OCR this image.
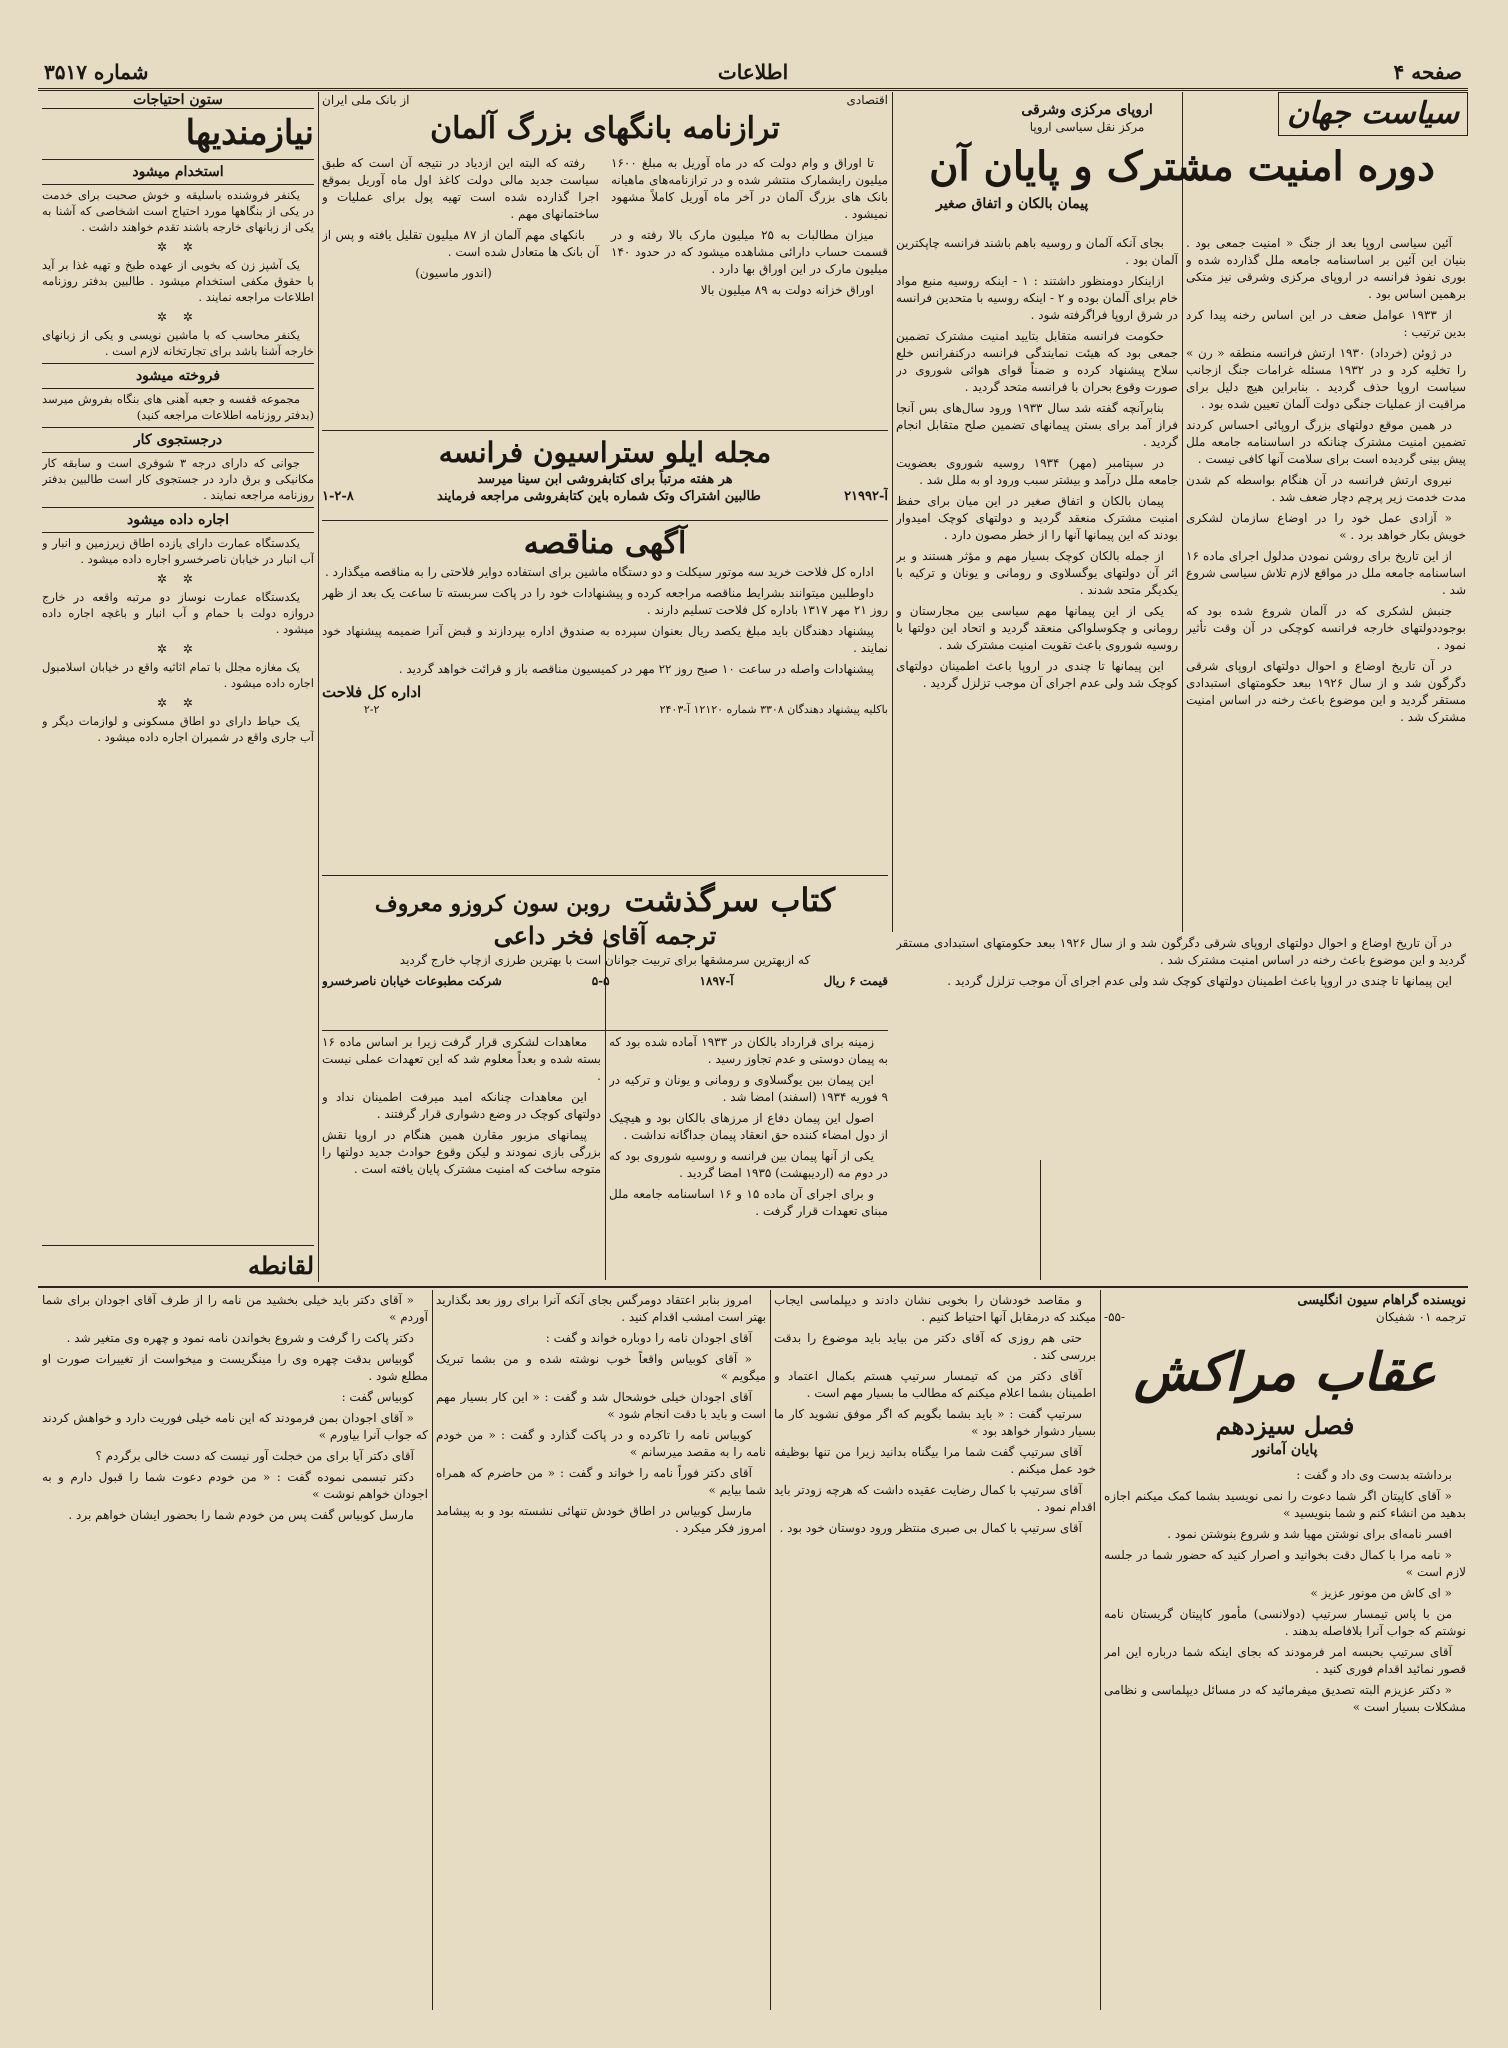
صفحه ۴
اطلاعات
شماره ۳۵۱۷
سیاست جهان
اروپای مرکزی وشرقی
مرکز نقل سیاسی اروپا
دوره امنیت مشترک و پایان آن
پیمان بالکان و اتفاق صغیر

آئین سیاسی اروپا بعد از جنگ « امنیت جمعی بود . بنیان این آئین بر اساسنامه جامعه ملل گذارده شده و بوری نفوذ فرانسه در اروپای مرکزی وشرقی نیز متکی برهمین اساس بود .

از ۱۹۳۳ عوامل ضعف در این اساس رخنه پیدا کرد بدین ترتیب :

در ژوئن (خرداد) ۱۹۳۰ ارتش فرانسه منطقه « رن » را تخلیه کرد و در ۱۹۳۲ مسئله غرامات جنگ ازجانب سیاست اروپا حذف گردید . بنابراین هیچ دلیل برای مراقبت از عملیات جنگی دولت آلمان تعیین شده بود .

در همین موقع دولتهای بزرگ اروپائی احساس کردند تضمین امنیت مشترک چنانکه در اساسنامه جامعه ملل پیش بینی گردیده است برای سلامت آنها کافی نیست .

نیروی ارتش فرانسه در آن هنگام بواسطه کم شدن مدت خدمت زیر پرچم دچار ضعف شد .

« آزادی عمل خود را در اوضاع سازمان لشکری خویش بکار خواهد برد . »

از این تاریخ برای روشن نمودن مدلول اجرای ماده ۱۶ اساسنامه جامعه ملل در مواقع لازم تلاش سیاسی شروع شد .

جنبش لشکری که در آلمان شروع شده بود که بوجوددولتهای خارجه فرانسه کوچکی در آن وقت تأثیر نمود .

در آن تاریخ اوضاع و احوال دولتهای اروپای شرقی دگرگون شد و از سال ۱۹۲۶ ببعد حکومتهای استبدادی مستقر گردید و این موضوع باعث رخنه در اساس امنیت مشترک شد .

بجای آنکه آلمان و روسیه باهم باشند فرانسه چاپکترین آلمان بود .

ازاینکار دومنظور داشتند : ۱ - اینکه روسیه منبع مواد خام برای آلمان بوده و ۲ - اینکه روسیه با متحدین فرانسه در شرق اروپا فراگرفته شود .

حکومت فرانسه متقابل بتایید امنیت مشترک تضمین جمعی بود که هیئت نمایندگی فرانسه درکنفرانس خلع سلاح پیشنهاد کرده و ضمناً قوای هوائی شوروی در صورت وقوع بحران با فرانسه متحد گردید .

بنابرآنچه گفته شد سال ۱۹۳۳ ورود سال‌های بس آنجا فراز آمد برای بستن پیمانهای تضمین صلح متقابل انجام گردید .

در سپتامبر (مهر) ۱۹۳۴ روسیه شوروی بعضویت جامعه ملل درآمد و بیشتر سبب ورود او به ملل شد .

پیمان بالکان و اتفاق صغیر در این میان برای حفظ امنیت مشترک منعقد گردید و دولتهای کوچک امیدوار بودند که این پیمانها آنها را از خطر مصون دارد .

از جمله بالکان کوچک بسیار مهم و مؤثر هستند و بر اثر آن دولتهای یوگسلاوی و رومانی و یونان و ترکیه با یکدیگر متحد شدند .

یکی از این پیمانها مهم سیاسی بین مجارستان و رومانی و چکوسلواکی منعقد گردید و اتحاد این دولتها با روسیه شوروی باعث تقویت امنیت مشترک شد .

این پیمانها تا چندی در اروپا باعث اطمینان دولتهای کوچک شد ولی عدم اجرای آن موجب تزلزل گردید .

اقتصادی
از بانک ملی ایران
ترازنامه بانگهای بزرگ آلمان

تا اوراق و وام دولت که در ماه آوریل به مبلغ ۱۶۰۰ میلیون رایشمارک منتشر شده و در ترازنامه‌های ماهیانه بانک های بزرگ آلمان در آخر ماه آوریل کاملاً مشهود نمیشود .

میزان مطالبات به ۲۵ میلیون مارک بالا رفته و در قسمت حساب دارائی مشاهده میشود که در حدود ۱۴۰ میلیون مارک در این اوراق بها دارد .

اوراق خزانه دولت به ۸۹ میلیون بالا

رفته که البته این ازدیاد در نتیجه آن است که طبق سیاست جدید مالی دولت کاغذ اول ماه آوریل بموقع اجرا گذارده شده است تهیه پول برای عملیات و ساختمانهای مهم .

بانکهای مهم آلمان از ۸۷ میلیون تقلیل یافته و پس از آن بانک ها متعادل شده است .

(اندور ماسیون)

مجله ایلو ستراسیون فرانسه
هر هفته مرتباً برای کتابفروشی ابن سینا میرسد
آ-۲۱۹۹۲
طالبین اشتراک وتک شماره باین کتابفروشی مراجعه فرمایند
۱-۲-۸
آگهی مناقصه

اداره کل فلاحت خرید سه موتور سیکلت و دو دستگاه ماشین برای استفاده دوایر فلاحتی را به مناقصه میگذارد .

داوطلبین میتوانند بشرایط مناقصه مراجعه کرده و پیشنهادات خود را در پاکت سربسته تا ساعت یک بعد از ظهر روز ۲۱ مهر ۱۳۱۷ باداره کل فلاحت تسلیم دارند .

پیشنهاد دهندگان باید مبلغ یکصد ریال بعنوان سپرده به صندوق اداره بپردازند و قبض آنرا ضمیمه پیشنهاد خود نمایند .

پیشنهادات واصله در ساعت ۱۰ صبح روز ۲۲ مهر در کمیسیون مناقصه باز و قرائت خواهد گردید .

باکلیه پیشنهاد دهندگان ۳۳۰۸ شماره ۱۲۱۲۰ آ-۲۴۰۳
اداره کل فلاحت
۲-۲
کتاب سرگذشت
روبن سون کروزو معروف
ترجمه آقای فخر داعی
که ازبهترین سرمشقها برای تربیت جوانان است با بهترین طرزی ازچاپ خارج گردید
قیمت ۶ ریال
آ-۱۸۹۷
۵-۵
شرکت مطبوعات خیابان ناصرخسرو

در آن تاریخ اوضاع و احوال دولتهای اروپای شرقی دگرگون شد و از سال ۱۹۲۶ ببعد حکومتهای استبدادی مستقر گردید و این موضوع باعث رخنه در اساس امنیت مشترک شد .

این پیمانها تا چندی در اروپا باعث اطمینان دولتهای کوچک شد ولی عدم اجرای آن موجب تزلزل گردید .

زمینه برای قرارداد بالکان در ۱۹۳۳ آماده شده بود که به پیمان دوستی و عدم تجاوز رسید .

این پیمان بین یوگسلاوی و رومانی و یونان و ترکیه در ۹ فوریه ۱۹۳۴ (اسفند) امضا شد .

اصول این پیمان دفاع از مرزهای بالکان بود و هیچیک از دول امضاء کننده حق انعقاد پیمان جداگانه نداشت .

یکی از آنها پیمان بین فرانسه و روسیه شوروی بود که در دوم مه (اردیبهشت) ۱۹۳۵ امضا گردید .

و برای اجرای آن ماده ۱۵ و ۱۶ اساسنامه جامعه ملل مبنای تعهدات قرار گرفت .

معاهدات لشکری قرار گرفت زیرا بر اساس ماده ۱۶ بسته شده و بعداً معلوم شد که این تعهدات عملی نیست .

این معاهدات چنانکه امید میرفت اطمینان نداد و دولتهای کوچک در وضع دشواری قرار گرفتند .

پیمانهای مزبور مقارن همین هنگام در اروپا نقش بزرگی بازی نمودند و لیکن وقوع حوادث جدید دولتها را متوجه ساخت که امنیت مشترک پایان یافته است .

ستون احتیاجات
نیازمندیها
استخدام میشود

یکنفر فروشنده باسلیقه و خوش صحبت برای خدمت در یکی از بنگاهها مورد احتیاج است اشخاصی که آشنا به یکی از زبانهای خارجه باشند تقدم خواهند داشت .

✲ ✲

یک آشپز زن که بخوبی از عهده طبخ و تهیه غذا بر آید با حقوق مکفی استخدام میشود . طالبین بدفتر روزنامه اطلاعات مراجعه نمایند .

✲ ✲

یکنفر محاسب که با ماشین نویسی و یکی از زبانهای خارجه آشنا باشد برای تجارتخانه لازم است .

فروخته میشود

مجموعه قفسه و جعبه آهنی های بنگاه بفروش میرسد (بدفتر روزنامه اطلاعات مراجعه کنید)

درجستجوی کار

جوانی که دارای درجه ۳ شوفری است و سابقه کار مکانیکی و برق دارد در جستجوی کار است طالبین بدفتر روزنامه مراجعه نمایند .

اجاره داده میشود

یکدستگاه عمارت دارای یازده اطاق زیرزمین و انبار و آب انبار در خیابان ناصرخسرو اجاره داده میشود .

✲ ✲

یکدستگاه عمارت نوساز دو مرتبه واقعه در خارج دروازه دولت با حمام و آب انبار و باغچه اجاره داده میشود .

✲ ✲

یک مغازه مجلل با تمام اثاثیه واقع در خیابان اسلامبول اجاره داده میشود .

✲ ✲

یک حیاط دارای دو اطاق مسکونی و لوازمات دیگر و آب جاری واقع در شمیران اجاره داده میشود .

لقانطه
نویسنده گراهام سیون انگلیسی
ترجمه ۰۱ شفیکان
-۵۵-
عقاب مراکش
فصل سیزدهم
پایان آمانور

برداشته بدست وی داد و گفت :

« آقای کاپیتان اگر شما دعوت را نمی نویسید بشما کمک میکنم اجازه بدهید من انشاء کنم و شما بنویسید »

افسر نامه‌ای برای نوشتن مهیا شد و شروع بنوشتن نمود .

« نامه مرا با کمال دقت بخوانید و اصرار کنید که حضور شما در جلسه لازم است »

« ای کاش من مونور عزیز »

من با پاس تیمسار سرتیپ (دولانسی) مأمور کاپیتان گریستان نامه نوشتم که جواب آنرا بلافاصله بدهند .

آقای سرتیپ بحبسه امر فرمودند که بجای اینکه شما درباره این امر قصور نمائید اقدام فوری کنید .

« دکتر عزیزم البته تصدیق میفرمائید که در مسائل دیپلماسی و نظامی مشکلات بسیار است »

و مقاصد خودشان را بخوبی نشان دادند و دیپلماسی ایجاب میکند که درمقابل آنها احتیاط کنیم .

حتی هم روزی که آقای دکتر من بیاید باید موضوع را بدقت بررسی کند .

آقای دکتر من که تیمسار سرتیپ هستم بکمال اعتماد و اطمینان بشما اعلام میکنم که مطالب ما بسیار مهم است .

سرتیپ گفت : « باید بشما بگویم که اگر موفق نشوید کار ما بسیار دشوار خواهد بود »

آقای سرتیپ گفت شما مرا بیگناه بدانید زیرا من تنها بوظیفه خود عمل میکنم .

آقای سرتیپ با کمال رضایت عقیده داشت که هرچه زودتر باید اقدام نمود .

آقای سرتیپ با کمال بی صبری منتظر ورود دوستان خود بود .

امروز بنابر اعتقاد دومرگس بجای آنکه آنرا برای روز بعد بگذارید بهتر است امشب اقدام کنید .

آقای اجودان نامه را دوباره خواند و گفت :

« آقای کوبیاس واقعاً خوب نوشته شده و من بشما تبریک میگویم »

آقای اجودان خیلی خوشحال شد و گفت : « این کار بسیار مهم است و باید با دقت انجام شود »

کوبیاس نامه را تاکرده و در پاکت گذارد و گفت : « من خودم نامه را به مقصد میرسانم »

آقای دکتر فوراً نامه را خواند و گفت : « من حاضرم که همراه شما بیایم »

مارسل کوبیاس در اطاق خودش تنهائی نشسته بود و به پیشامد امروز فکر میکرد .

« آقای دکتر باید خیلی بخشید من نامه را از طرف آقای اجودان برای شما آوردم »

دکتر پاکت را گرفت و شروع بخواندن نامه نمود و چهره وی متغیر شد .

گوبیاس بدقت چهره وی را مینگریست و میخواست از تغییرات صورت او مطلع شود .

کوبیاس گفت :

« آقای اجودان بمن فرمودند که این نامه خیلی فوریت دارد و خواهش کردند که جواب آنرا بیاورم »

آقای دکتر آیا برای من خجلت آور نیست که دست خالی برگردم ؟

دکتر تبسمی نموده گفت : « من خودم دعوت شما را قبول دارم و به اجودان خواهم نوشت »

مارسل کوبیاس گفت پس من خودم شما را بحضور ایشان خواهم برد .
